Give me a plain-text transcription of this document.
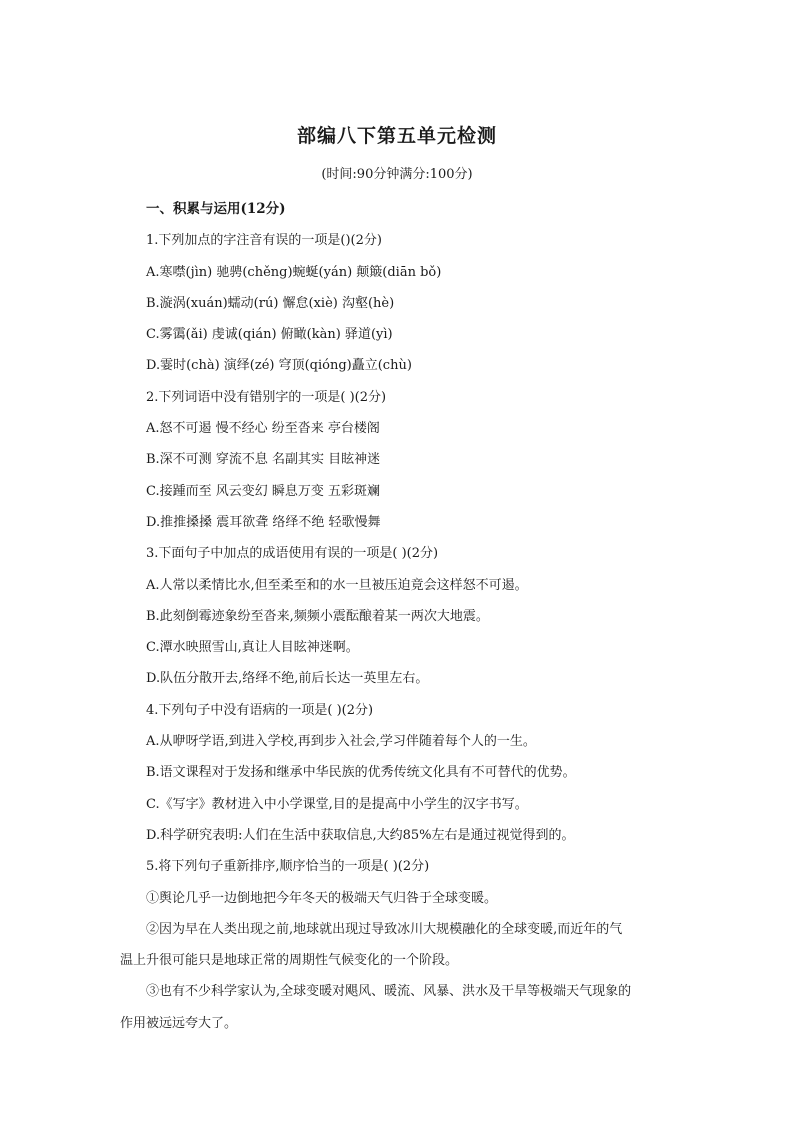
部编八下第五单元检测
(时间:90分钟满分:100分)
一、积累与运用(12分)
1.下列加点的字注音有误的一项是()(2分)
A.寒噤(jìn) 驰骋(chěng)蜿蜒(yán) 颠簸(diān bǒ)
B.漩涡(xuán)蠕动(rú) 懈怠(xiè) 沟壑(hè)
C.雾霭(ǎi) 虔诚(qián) 俯瞰(kàn) 驿道(yì)
D.霎时(chà) 演绎(zé) 穹顶(qióng)矗立(chù)
2.下列词语中没有错别字的一项是( )(2分)
A.怒不可遏 慢不经心 纷至沓来 亭台楼阁
B.深不可测 穿流不息 名副其实 目眩神迷
C.接踵而至 风云变幻 瞬息万变 五彩斑斓
D.推推搡搡 震耳欲聋 络绎不绝 轻歌慢舞
3.下面句子中加点的成语使用有误的一项是( )(2分)
A.人常以柔情比水,但至柔至和的水一旦被压迫竟会这样怒不可遏。
B.此刻倒霉迹象纷至沓来,频频小震酝酿着某一两次大地震。
C.潭水映照雪山,真让人目眩神迷啊。
D.队伍分散开去,络绎不绝,前后长达一英里左右。
4.下列句子中没有语病的一项是( )(2分)
A.从咿呀学语,到进入学校,再到步入社会,学习伴随着每个人的一生。
B.语文课程对于发扬和继承中华民族的优秀传统文化具有不可替代的优势。
C.《写字》教材进入中小学课堂,目的是提高中小学生的汉字书写。
D.科学研究表明:人们在生活中获取信息,大约85%左右是通过视觉得到的。
5.将下列句子重新排序,顺序恰当的一项是( )(2分)
①舆论几乎一边倒地把今年冬天的极端天气归咎于全球变暖。
②因为早在人类出现之前,地球就出现过导致冰川大规模融化的全球变暖,而近年的气
温上升很可能只是地球正常的周期性气候变化的一个阶段。
③也有不少科学家认为,全球变暖对飓风、暖流、风暴、洪水及干旱等极端天气现象的
作用被远远夸大了。
